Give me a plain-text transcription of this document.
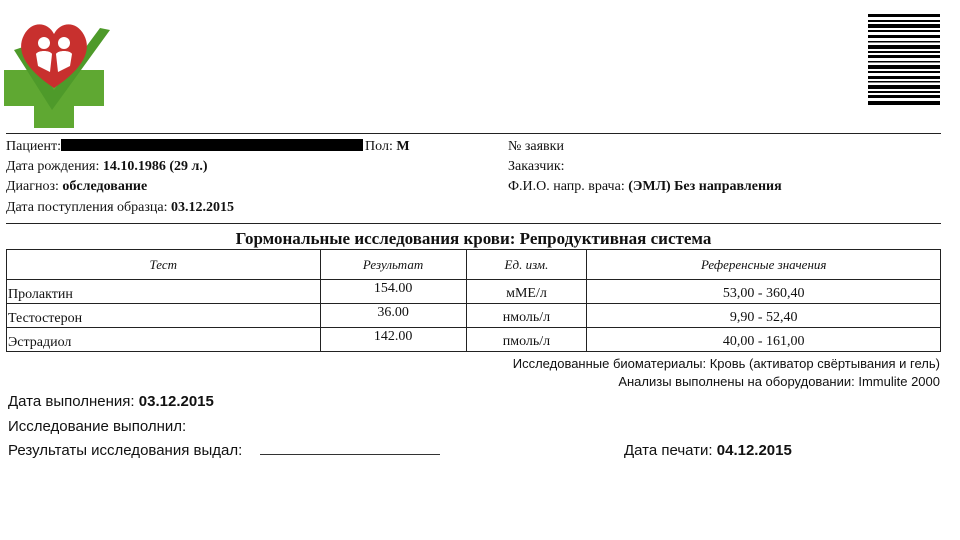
Пациент:	Пол: М
Дата рождения: 14.10.1986 (29 л.)
Диагноз: обследование
Дата поступления образца: 03.12.2015
№ заявки
Заказчик:
Ф.И.О. напр. врача: (ЭМЛ) Без направления
Гормональные исследования крови: Репродуктивная система
Тест	Результат	Ед. изм.	Референсные значения
Пролактин	154.00	мМЕ/л	53,00 - 360,40
Тестостерон	36.00	нмоль/л	9,90 - 52,40
Эстрадиол	142.00	пмоль/л	40,00 - 161,00
Исследованные биоматериалы: Кровь (активатор свёртывания и гель)
Анализы выполнены на оборудовании: Immulite 2000
Дата выполнения: 03.12.2015
Исследование выполнил:
Результаты исследования выдал:	Дата печати: 04.12.2015
